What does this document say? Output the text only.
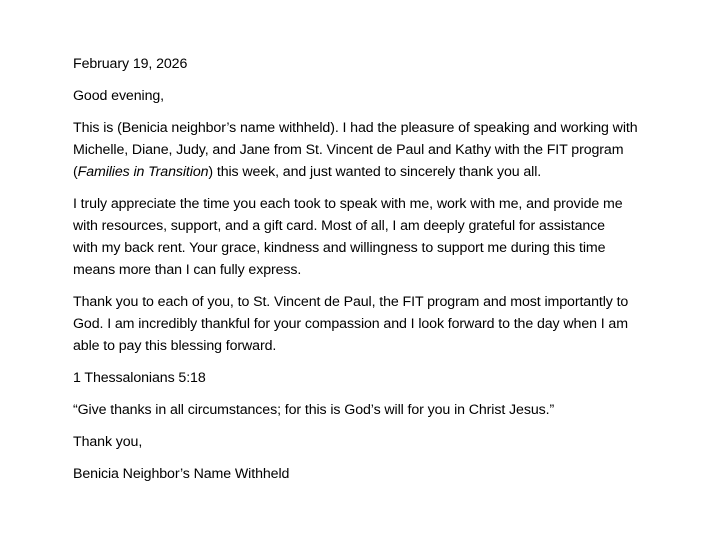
February 19, 2026

Good evening,

This is (Benicia neighbor’s name withheld). I had the pleasure of speaking and working with
Michelle, Diane, Judy, and Jane from St. Vincent de Paul and Kathy with the FIT program
(Families in Transition) this week, and just wanted to sincerely thank you all.

I truly appreciate the time you each took to speak with me, work with me, and provide me
with resources, support, and a gift card. Most of all, I am deeply grateful for assistance
with my back rent. Your grace, kindness and willingness to support me during this time
means more than I can fully express.

Thank you to each of you, to St. Vincent de Paul, the FIT program and most importantly to
God. I am incredibly thankful for your compassion and I look forward to the day when I am
able to pay this blessing forward.

1 Thessalonians 5:18

“Give thanks in all circumstances; for this is God’s will for you in Christ Jesus.”

Thank you,

Benicia Neighbor’s Name Withheld
